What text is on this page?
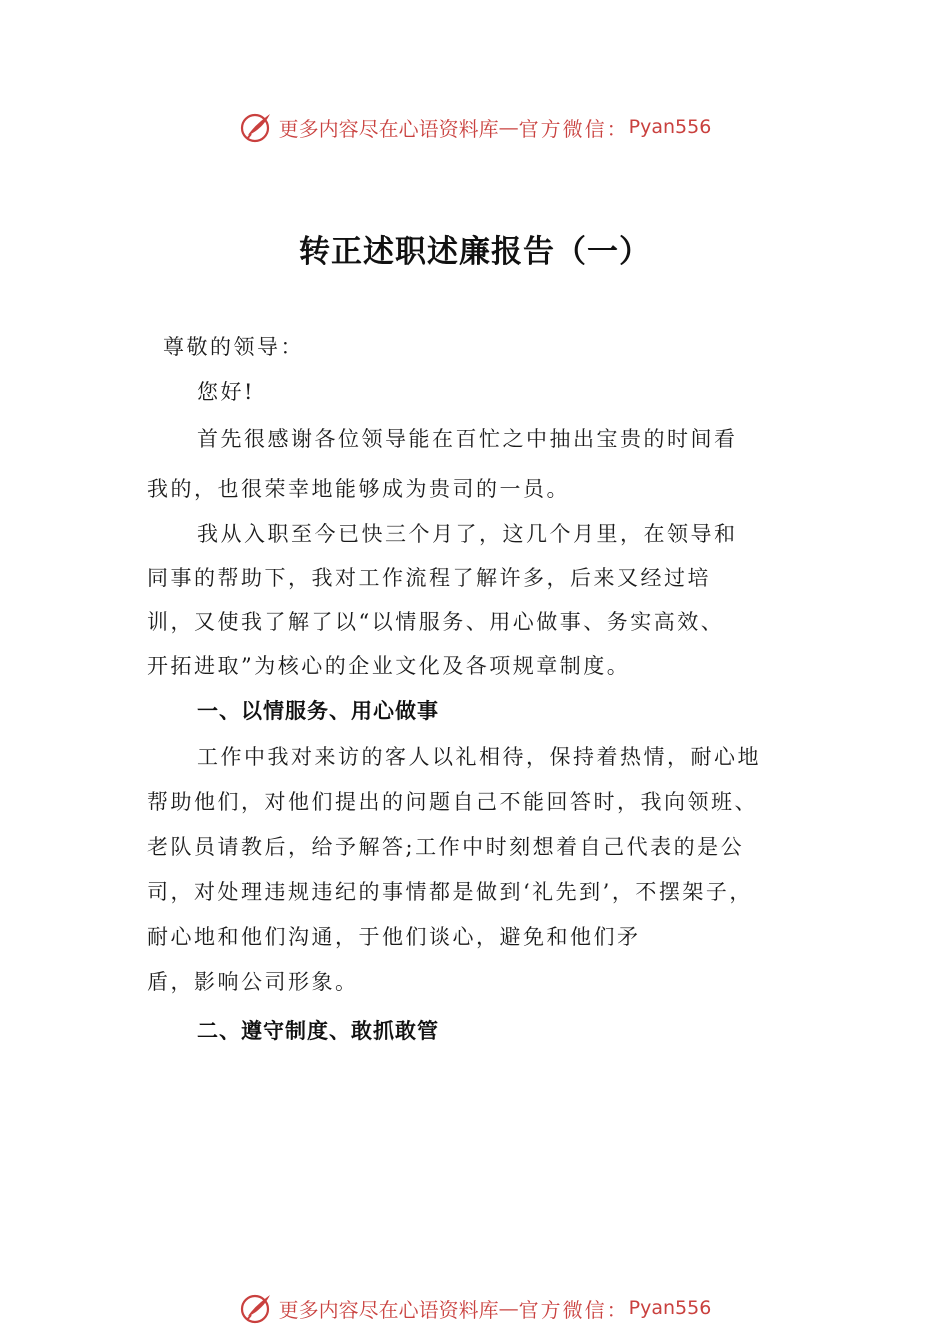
更多内容尽在心语资料库 — 官方微信： Pyan556
转正述职述廉报告（一）
尊敬的领导：
您好!
首先很感谢各位领导能在百忙之中抽出宝贵的时间看
我的，也很荣幸地能够成为贵司的一员。
我从入职至今已快三个月了，这几个月里，在领导和
同事的帮助下，我对工作流程了解许多，后来又经过培
训，又使我了解了以“以情服务、用心做事、务实高效、
开拓进取”为核心的企业文化及各项规章制度。
一、以情服务、用心做事
工作中我对来访的客人以礼相待，保持着热情，耐心地
帮助他们，对他们提出的问题自己不能回答时，我向领班、
老队员请教后，给予解答;工作中时刻想着自己代表的是公
司，对处理违规违纪的事情都是做到‘礼先到’，不摆架子，
耐心地和他们沟通，于他们谈心，避免和他们矛
盾，影响公司形象。
二、遵守制度、敢抓敢管
更多内容尽在心语资料库 — 官方微信： Pyan556
